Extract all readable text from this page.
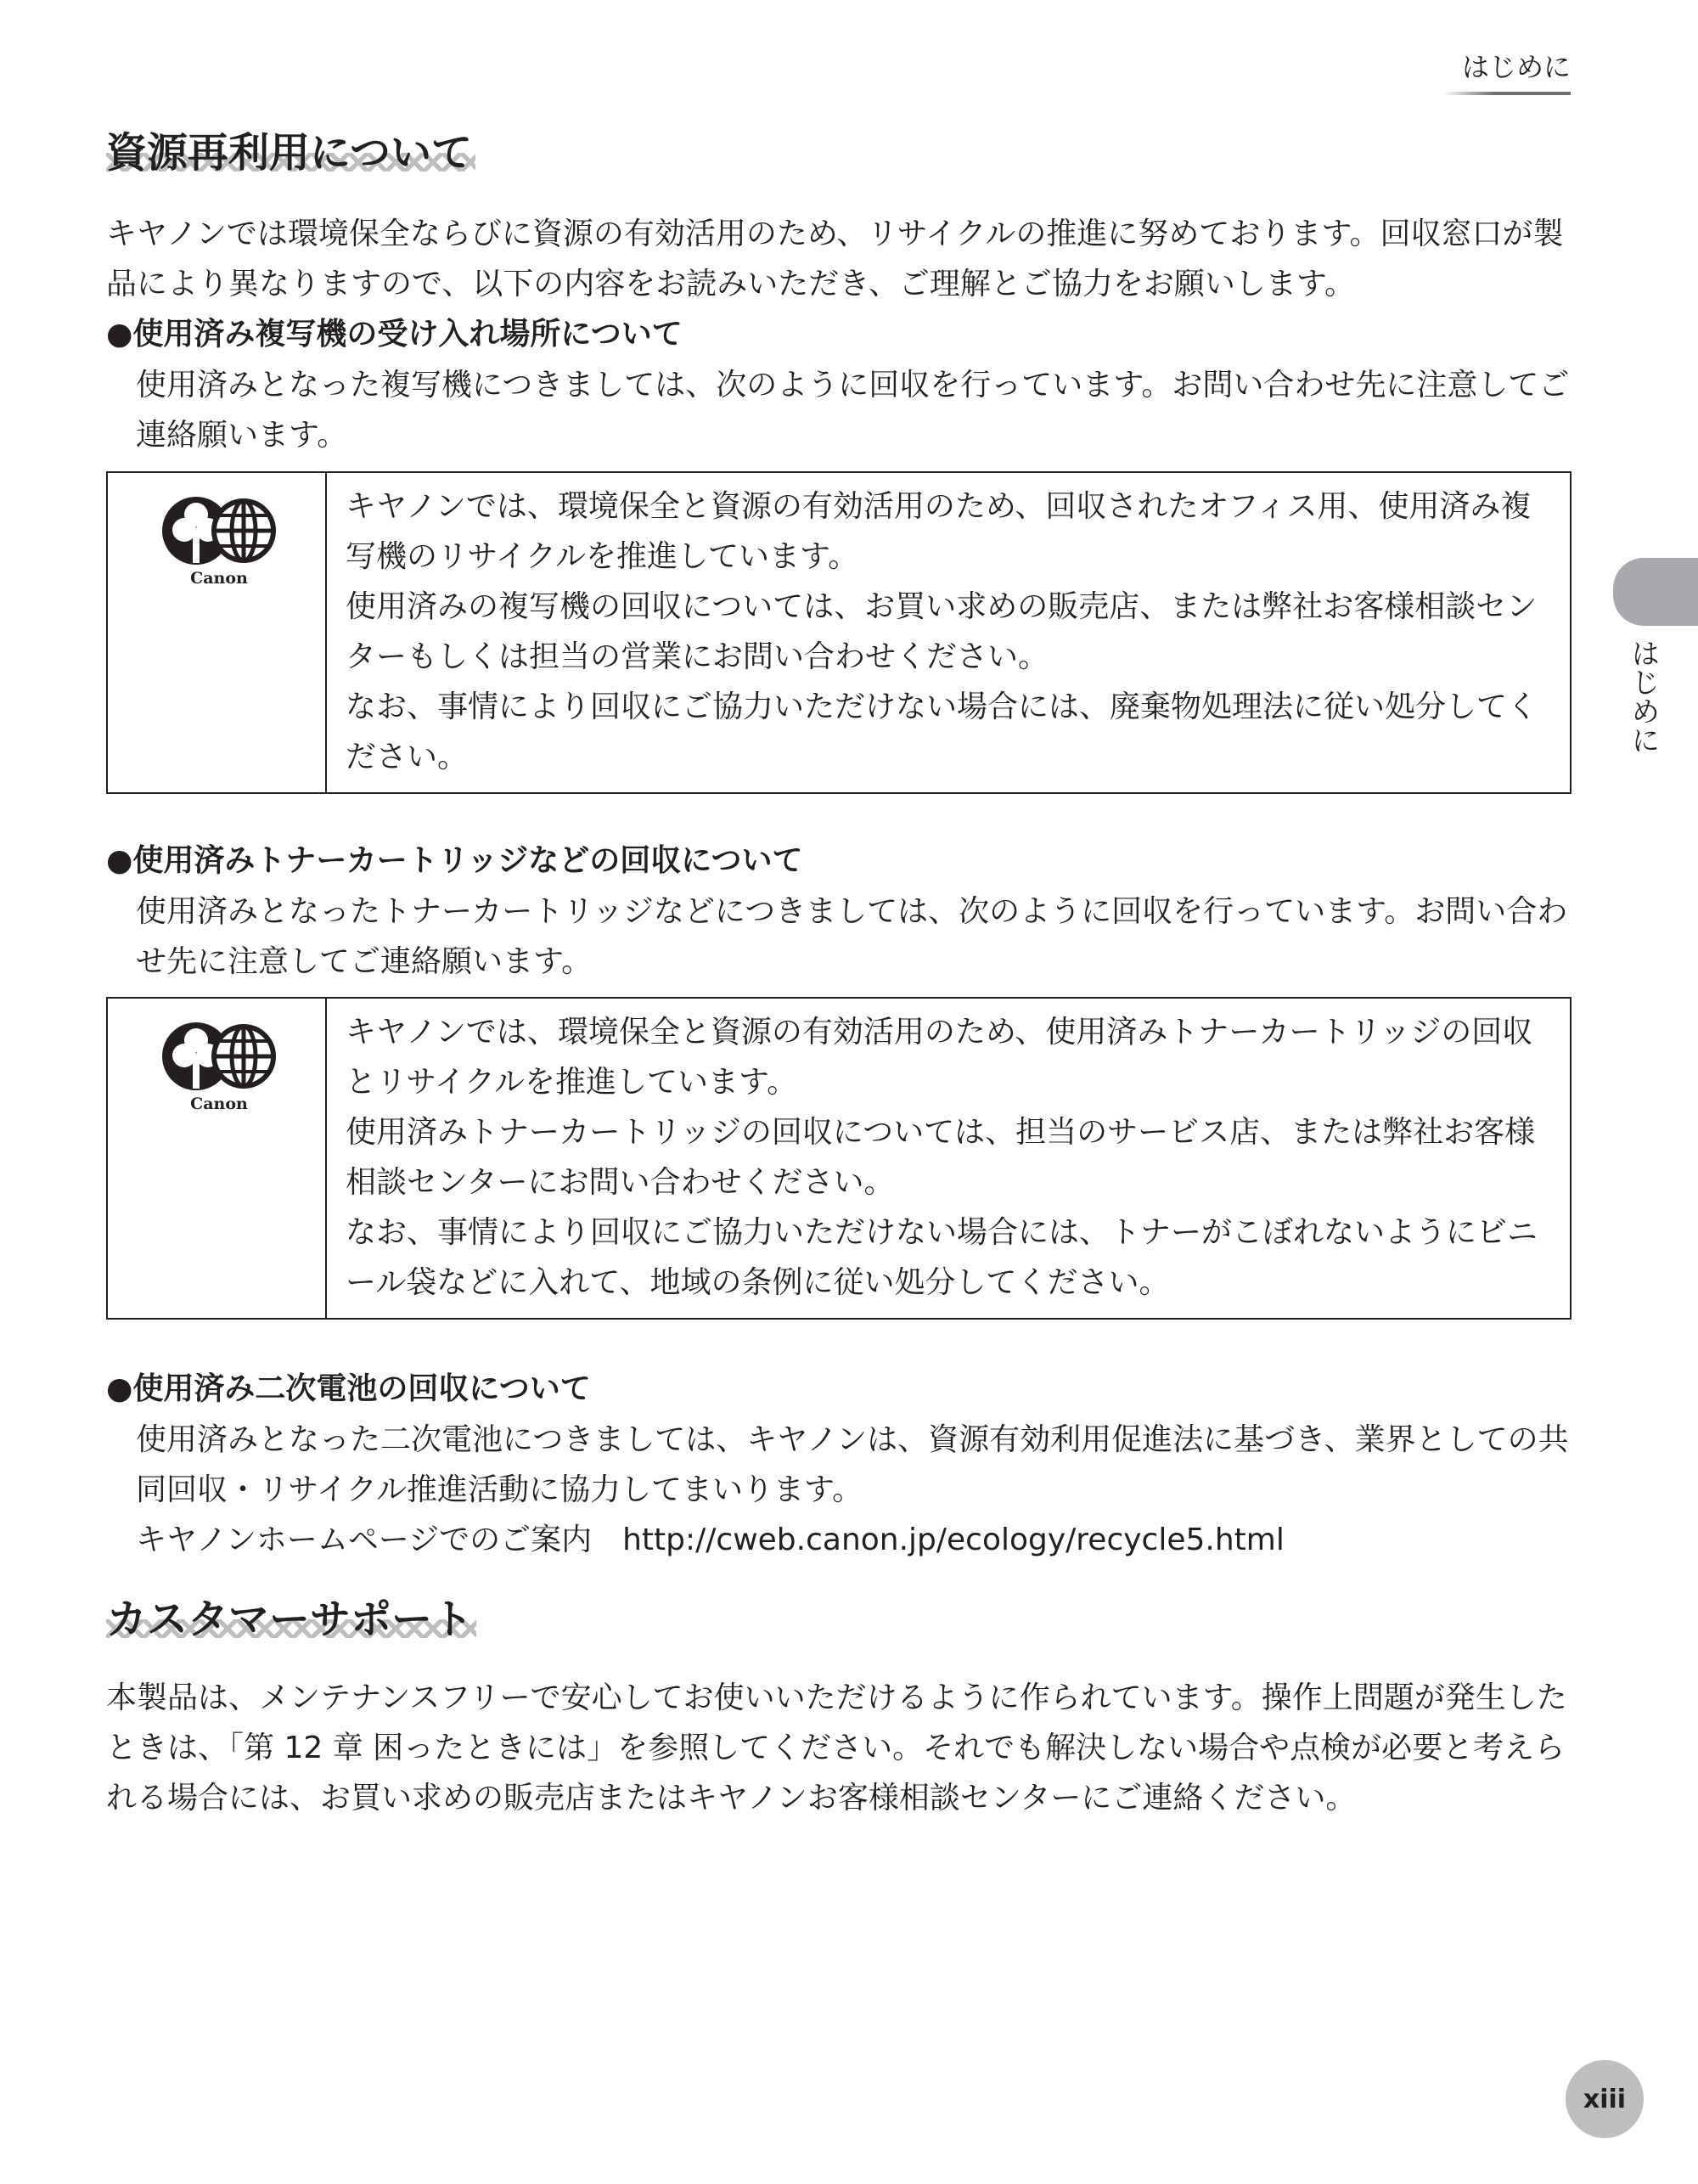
はじめに
資源再利用について

キヤノンでは環境保全ならびに資源の有効活用のため、リサイクルの推進に努めております。回収窓口が製品により異なりますので、以下の内容をお読みいただき、ご理解とご協力をお願いします。

●使用済み複写機の受け入れ場所について

使用済みとなった複写機につきましては、次のように回収を行っています。お問い合わせ先に注意してご連絡願います。

Canon

キヤノンでは、環境保全と資源の有効活用のため、回収されたオフィス用、使用済み複写機のリサイクルを推進しています。

使用済みの複写機の回収については、お買い求めの販売店、または弊社お客様相談センターもしくは担当の営業にお問い合わせください。

なお、事情により回収にご協力いただけない場合には、廃棄物処理法に従い処分してください。

●使用済みトナーカートリッジなどの回収について

使用済みとなったトナーカートリッジなどにつきましては、次のように回収を行っています。お問い合わせ先に注意してご連絡願います。

Canon

キヤノンでは、環境保全と資源の有効活用のため、使用済みトナーカートリッジの回収とリサイクルを推進しています。

使用済みトナーカートリッジの回収については、担当のサービス店、または弊社お客様相談センターにお問い合わせください。

なお、事情により回収にご協力いただけない場合には、トナーがこぼれないようにビニール袋などに入れて、地域の条例に従い処分してください。

●使用済み二次電池の回収について

使用済みとなった二次電池につきましては、キヤノンは、資源有効利用促進法に基づき、業界としての共同回収・リサイクル推進活動に協力してまいります。

キヤノンホームページでのご案内　http://cweb.canon.jp/ecology/recycle5.html

カスタマーサポート

本製品は、メンテナンスフリーで安心してお使いいただけるように作られています。操作上問題が発生したときは、「第 12 章 困ったときには」を参照してください。それでも解決しない場合や点検が必要と考えられる場合には、お買い求めの販売店またはキヤノンお客様相談センターにご連絡ください。

はじめに
xiii
